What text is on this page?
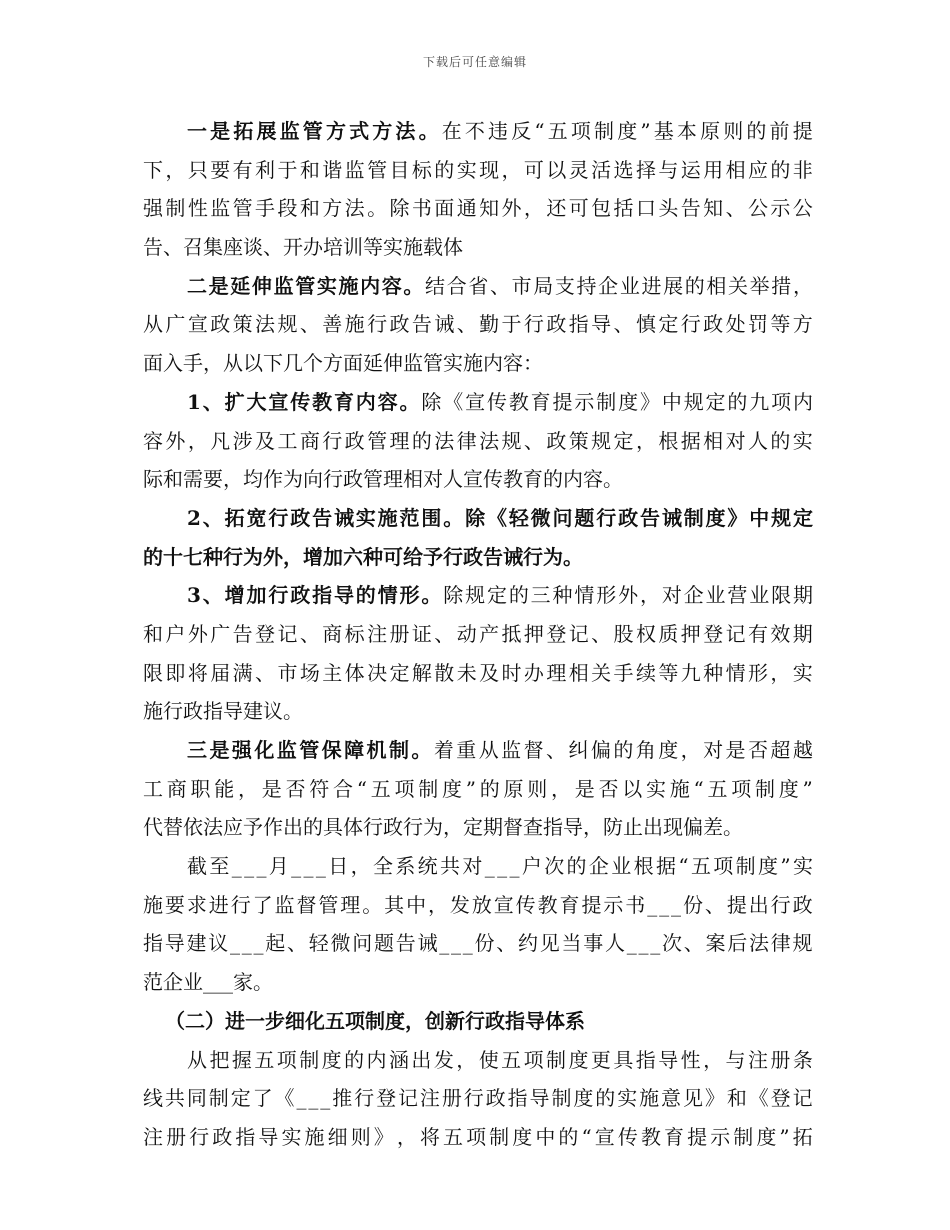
下载后可任意编辑
一 是 拓 展 监 管 方 式 方 法 。 在 不 违 反 “ 五 项 制 度 ” 基 本 原 则 的 前 提
下 ， 只 要 有 利 于 和 谐 监 管 目 标 的 实 现 ， 可 以 灵 活 选 择 与 运 用 相 应 的 非
强 制 性 监 管 手 段 和 方 法 。 除 书 面 通 知 外 ， 还 可 包 括 口 头 告 知 、 公 示 公
告 、 召 集 座 谈 、 开 办 培 训 等 实 施 载 体
二 是 延 伸 监 管 实 施 内 容 。 结 合 省 、 市 局 支 持 企 业 进 展 的 相 关 举 措 ，
从 广 宣 政 策 法 规 、 善 施 行 政 告 诫 、 勤 于 行 政 指 导 、 慎 定 行 政 处 罚 等 方
面 入 手 ， 从 以 下 几 个 方 面 延 伸 监 管 实 施 内 容 ：
1 、 扩 大 宣 传 教 育 内 容 。 除 《 宣 传 教 育 提 示 制 度 》 中 规 定 的 九 项 内
容 外 ， 凡 涉 及 工 商 行 政 管 理 的 法 律 法 规 、 政 策 规 定 ， 根 据 相 对 人 的 实
际 和 需 要 ， 均 作 为 向 行 政 管 理 相 对 人 宣 传 教 育 的 内 容 。
2 、 拓 宽 行 政 告 诫 实 施 范 围 。 除 《 轻 微 问 题 行 政 告 诫 制 度 》 中 规 定
的 十 七 种 行 为 外 ， 增 加 六 种 可 给 予 行 政 告 诫 行 为 。
3 、 增 加 行 政 指 导 的 情 形 。 除 规 定 的 三 种 情 形 外 ， 对 企 业 营 业 限 期
和 户 外 广 告 登 记 、 商 标 注 册 证 、 动 产 抵 押 登 记 、 股 权 质 押 登 记 有 效 期
限 即 将 届 满 、 市 场 主 体 决 定 解 散 未 及 时 办 理 相 关 手 续 等 九 种 情 形 ， 实
施 行 政 指 导 建 议 。
三 是 强 化 监 管 保 障 机 制 。 着 重 从 监 督 、 纠 偏 的 角 度 ， 对 是 否 超 越
工 商 职 能 ， 是 否 符 合 “ 五 项 制 度 ” 的 原 则 ， 是 否 以 实 施 “ 五 项 制 度 ”
代 替 依 法 应 予 作 出 的 具 体 行 政 行 为 ， 定 期 督 查 指 导 ， 防 止 出 现 偏 差 。
截 至 _ _ _ 月 _ _ _ 日 ， 全 系 统 共 对 _ _ _ 户 次 的 企 业 根 据 “ 五 项 制 度 ” 实
施 要 求 进 行 了 监 督 管 理 。 其 中 ， 发 放 宣 传 教 育 提 示 书 _ _ _ 份 、 提 出 行 政
指 导 建 议 _ _ _ 起 、 轻 微 问 题 告 诫 _ _ _ 份 、 约 见 当 事 人 _ _ _ 次 、 案 后 法 律 规
范 企 业 _ _ _ 家 。
（ 二 ） 进 一 步 细 化 五 项 制 度 ， 创 新 行 政 指 导 体 系
从 把 握 五 项 制 度 的 内 涵 出 发 ， 使 五 项 制 度 更 具 指 导 性 ， 与 注 册 条
线 共 同 制 定 了 《 _ _ _ 推 行 登 记 注 册 行 政 指 导 制 度 的 实 施 意 见 》 和 《 登 记
注 册 行 政 指 导 实 施 细 则 》 ， 将 五 项 制 度 中 的 “ 宣 传 教 育 提 示 制 度 ” 拓
